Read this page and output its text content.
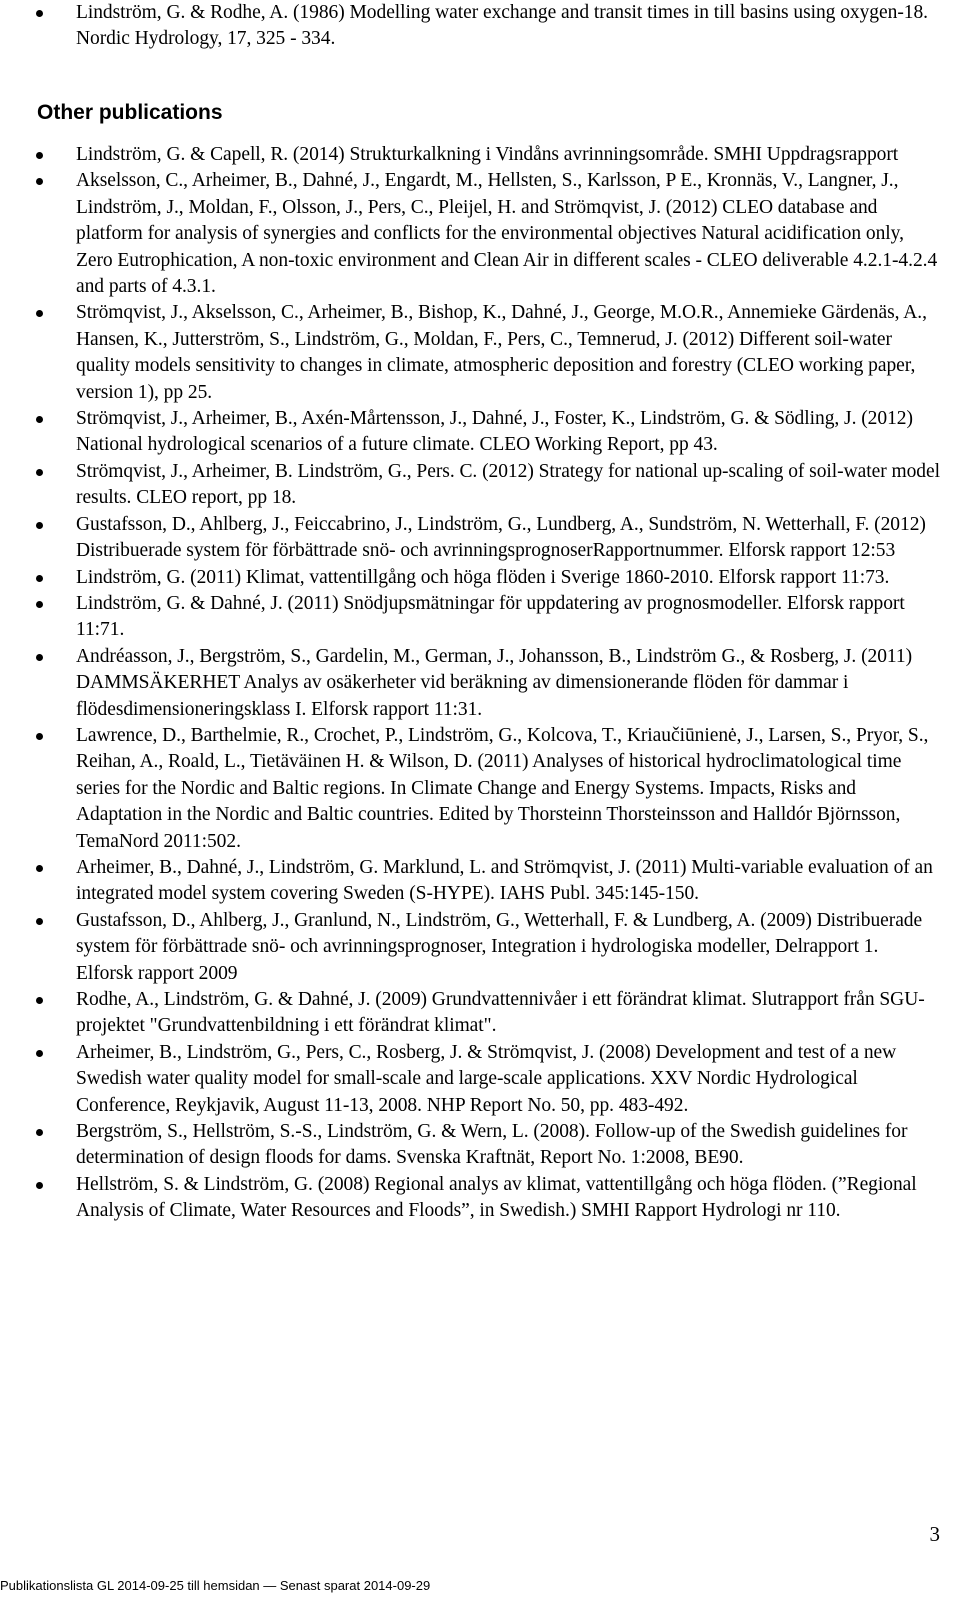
Lindström, G. & Rodhe, A. (1986) Modelling water exchange and transit times in till basins using oxygen-18. Nordic Hydrology, 17, 325 - 334.
Other publications
Lindström, G. & Capell, R. (2014) Strukturkalkning i Vindåns avrinningsområde. SMHI Uppdragsrapport
Akselsson, C., Arheimer, B., Dahné, J., Engardt, M., Hellsten, S., Karlsson, P E., Kronnäs, V., Langner, J., Lindström, J., Moldan, F., Olsson, J., Pers, C., Pleijel, H. and Strömqvist, J. (2012) CLEO database and platform for analysis of synergies and conflicts for the environmental objectives Natural acidification only, Zero Eutrophication, A non-toxic environment and Clean Air in different scales - CLEO deliverable 4.2.1-4.2.4 and parts of 4.3.1.
Strömqvist, J., Akselsson, C., Arheimer, B., Bishop, K., Dahné, J., George, M.O.R., Annemieke Gärdenäs, A., Hansen, K., Jutterström, S., Lindström, G., Moldan, F., Pers, C., Temnerud, J. (2012) Different soil-water quality models sensitivity to changes in climate, atmospheric deposition and forestry (CLEO working paper, version 1), pp 25.
Strömqvist, J., Arheimer, B., Axén-Mårtensson, J., Dahné, J., Foster, K., Lindström, G. & Södling, J. (2012) National hydrological scenarios of a future climate. CLEO Working Report, pp 43.
Strömqvist, J., Arheimer, B. Lindström, G., Pers. C. (2012) Strategy for national up-scaling of soil-water model results. CLEO report, pp 18.
Gustafsson, D., Ahlberg, J., Feiccabrino, J., Lindström, G., Lundberg, A., Sundström, N. Wetterhall, F. (2012) Distribuerade system för förbättrade snö- och avrinningsprognoserRapportnummer. Elforsk rapport 12:53
Lindström, G. (2011) Klimat, vattentillgång och höga flöden i Sverige 1860-2010. Elforsk rapport 11:73.
Lindström, G. & Dahné, J. (2011) Snödjupsmätningar för uppdatering av prognosmodeller. Elforsk rapport 11:71.
Andréasson, J., Bergström, S., Gardelin, M., German, J., Johansson, B., Lindström G., & Rosberg, J. (2011) DAMMSÄKERHET Analys av osäkerheter vid beräkning av dimensionerande flöden för dammar i flödesdimensioneringsklass I. Elforsk rapport 11:31.
Lawrence, D., Barthelmie, R., Crochet, P., Lindström, G., Kolcova, T., Kriaučiūnienė, J., Larsen, S., Pryor, S., Reihan, A., Roald, L., Tietäväinen H. & Wilson, D. (2011) Analyses of historical hydroclimatological time series for the Nordic and Baltic regions. In Climate Change and Energy Systems. Impacts, Risks and Adaptation in the Nordic and Baltic countries. Edited by Thorsteinn Thorsteinsson and Halldór Björnsson, TemaNord 2011:502.
Arheimer, B., Dahné, J., Lindström, G. Marklund, L. and Strömqvist, J. (2011) Multi-variable evaluation of an integrated model system covering Sweden (S-HYPE). IAHS Publ. 345:145-150.
Gustafsson, D., Ahlberg, J., Granlund, N., Lindström, G., Wetterhall, F. & Lundberg, A. (2009) Distribuerade system för förbättrade snö- och avrinningsprognoser, Integration i hydrologiska modeller, Delrapport 1. Elforsk rapport 2009
Rodhe, A., Lindström, G. & Dahné, J. (2009) Grundvattennivåer i ett förändrat klimat. Slutrapport från SGU-projektet "Grundvattenbildning i ett förändrat klimat".
Arheimer, B., Lindström, G., Pers, C., Rosberg, J. & Strömqvist, J. (2008) Development and test of a new Swedish water quality model for small-scale and large-scale applications. XXV Nordic Hydrological Conference, Reykjavik, August 11-13, 2008. NHP Report No. 50, pp. 483-492.
Bergström, S., Hellström, S.-S., Lindström, G. & Wern, L. (2008). Follow-up of the Swedish guidelines for determination of design floods for dams. Svenska Kraftnät, Report No. 1:2008, BE90.
Hellström, S. & Lindström, G. (2008) Regional analys av klimat, vattentillgång och höga flöden. (”Regional Analysis of Climate, Water Resources and Floods”, in Swedish.) SMHI Rapport Hydrologi nr 110.
3
Publikationslista GL 2014-09-25 till hemsidan — Senast sparat 2014-09-29
